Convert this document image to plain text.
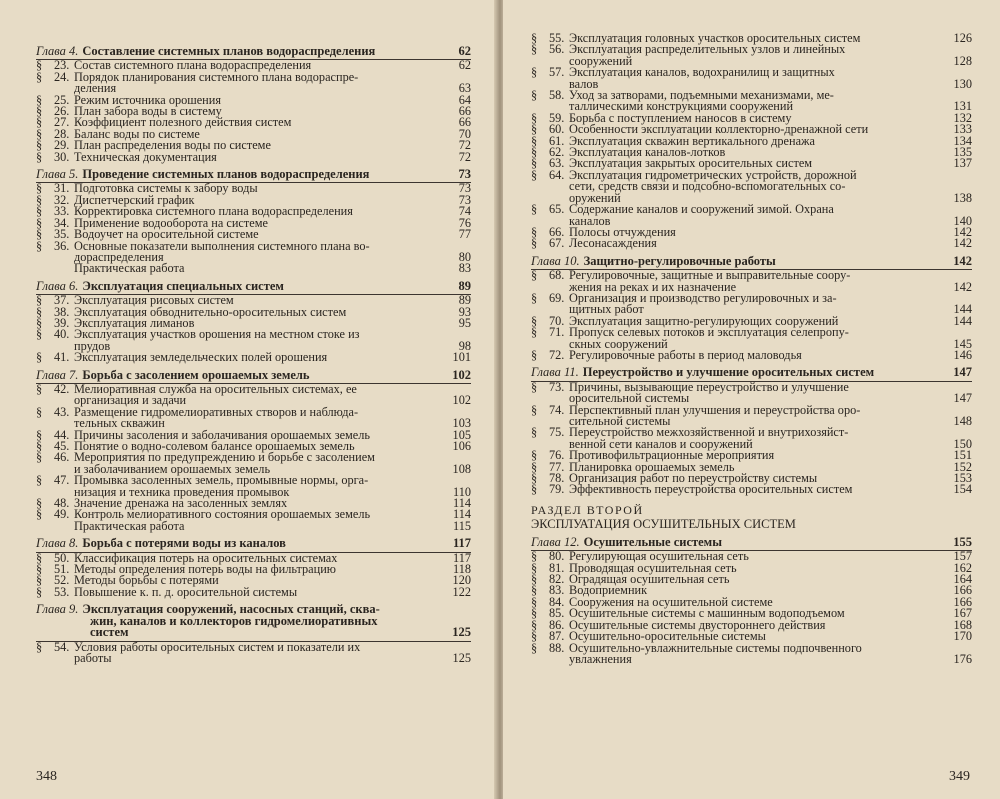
Глава 4. Составление системных планов водораспределения	62
§ 23. Состав системного плана водораспределения	62
§ 24. Порядок планирования системного плана водораспре-
деления	63
§ 25. Режим источника орошения	64
§ 26. План забора воды в систему	66
§ 27. Коэффициент полезного действия систем	66
§ 28. Баланс воды по системе	70
§ 29. План распределения воды по системе	72
§ 30. Техническая документация	72
Глава 5. Проведение системных планов водораспределения	73
§ 31. Подготовка системы к забору воды	73
§ 32. Диспетчерский график	73
§ 33. Корректировка системного плана водораспределения	74
§ 34. Применение водооборота на системе	76
§ 35. Водоучет на оросительной системе	77
§ 36. Основные показатели выполнения системного плана во-
дораспределения	80
Практическая работа	83
Глава 6. Эксплуатация специальных систем	89
§ 37. Эксплуатация рисовых систем	89
§ 38. Эксплуатация обводнительно-оросительных систем	93
§ 39. Эксплуатация лиманов	95
§ 40. Эксплуатация участков орошения на местном стоке из
прудов	98
§ 41. Эксплуатация земледельческих полей орошения	101
Глава 7. Борьба с засолением орошаемых земель	102
§ 42. Мелиоративная служба на оросительных системах, ее
организация и задачи	102
§ 43. Размещение гидромелиоративных створов и наблюда-
тельных скважин	103
§ 44. Причины засоления и заболачивания орошаемых земель	105
§ 45. Понятие о водно-солевом балансе орошаемых земель	106
§ 46. Мероприятия по предупреждению и борьбе с засолением
и заболачиванием орошаемых земель	108
§ 47. Промывка засоленных земель, промывные нормы, орга-
низация и техника проведения промывок	110
§ 48. Значение дренажа на засоленных землях	114
§ 49. Контроль мелиоративного состояния орошаемых земель	114
Практическая работа	115
Глава 8. Борьба с потерями воды из каналов	117
§ 50. Классификация потерь на оросительных системах	117
§ 51. Методы определения потерь воды на фильтрацию	118
§ 52. Методы борьбы с потерями	120
§ 53. Повышение к. п. д. оросительной системы	122
Глава 9. Эксплуатация сооружений, насосных станций, сква-
жин, каналов и коллекторов гидромелиоративных
систем	125
§ 54. Условия работы оросительных систем и показатели их
работы	125
348
§ 55. Эксплуатация головных участков оросительных систем	126
§ 56. Эксплуатация распределительных узлов и линейных
сооружений	128
§ 57. Эксплуатация каналов, водохранилищ и защитных
валов	130
§ 58. Уход за затворами, подъемными механизмами, ме-
таллическими конструкциями сооружений	131
§ 59. Борьба с поступлением наносов в систему	132
§ 60. Особенности эксплуатации коллекторно-дренажной сети	133
§ 61. Эксплуатация скважин вертикального дренажа	134
§ 62. Эксплуатация каналов-лотков	135
§ 63. Эксплуатация закрытых оросительных систем	137
§ 64. Эксплуатация гидрометрических устройств, дорожной
сети, средств связи и подсобно-вспомогательных со-
оружений	138
§ 65. Содержание каналов и сооружений зимой. Охрана
каналов	140
§ 66. Полосы отчуждения	142
§ 67. Лесонасаждения	142
Глава 10. Защитно-регулировочные работы	142
§ 68. Регулировочные, защитные и выправительные соору-
жения на реках и их назначение	142
§ 69. Организация и производство регулировочных и за-
щитных работ	144
§ 70. Эксплуатация защитно-регулирующих сооружений	144
§ 71. Пропуск селевых потоков и эксплуатация селепропу-
скных сооружений	145
§ 72. Регулировочные работы в период маловодья	146
Глава 11. Переустройство и улучшение оросительных систем	147
§ 73. Причины, вызывающие переустройство и улучшение
оросительной системы	147
§ 74. Перспективный план улучшения и переустройства оро-
сительной системы	148
§ 75. Переустройство межхозяйственной и внутрихозяйст-
венной сети каналов и сооружений	150
§ 76. Противофильтрационные мероприятия	151
§ 77. Планировка орошаемых земель	152
§ 78. Организация работ по переустройству системы	153
§ 79. Эффективность переустройства оросительных систем	154
РАЗДЕЛ ВТОРОЙ
ЭКСПЛУАТАЦИЯ ОСУШИТЕЛЬНЫХ СИСТЕМ
Глава 12. Осушительные системы	155
§ 80. Регулирующая осушительная сеть	157
§ 81. Проводящая осушительная сеть	162
§ 82. Оградящая осушительная сеть	164
§ 83. Водоприемник	166
§ 84. Сооружения на осушительной системе	166
§ 85. Осушительные системы с машинным водоподъемом	167
§ 86. Осушительные системы двустороннего действия	168
§ 87. Осушительно-оросительные системы	170
§ 88. Осушительно-увлажнительные системы подпочвенного
увлажнения	176
349
